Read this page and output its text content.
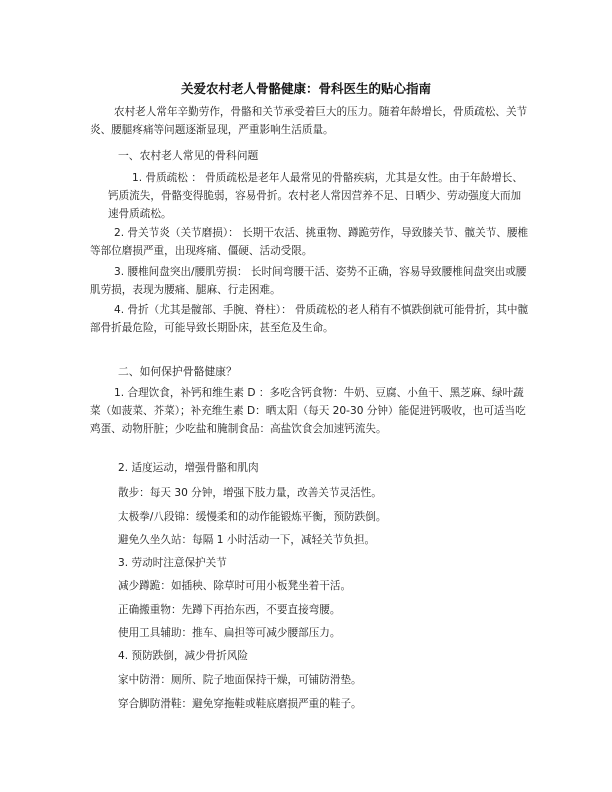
关爱农村老人骨骼健康：骨科医生的贴心指南
农村老人常年辛勤劳作，骨骼和关节承受着巨大的压力。随着年龄增长，骨质疏松、关节炎、腰腿疼痛等问题逐渐显现，严重影响生活质量。
一、农村老人常见的骨科问题
1. 骨质疏松 ： 骨质疏松是老年人最常见的骨骼疾病，尤其是女性。由于年龄增长、钙质流失，骨骼变得脆弱，容易骨折。农村老人常因营养不足、日晒少、劳动强度大而加速骨质疏松。
2. 骨关节炎（关节磨损）： 长期干农活、挑重物、蹲跪劳作，导致膝关节、髋关节、腰椎等部位磨损严重，出现疼痛、僵硬、活动受限。
3. 腰椎间盘突出/腰肌劳损： 长时间弯腰干活、姿势不正确，容易导致腰椎间盘突出或腰肌劳损，表现为腰痛、腿麻、行走困难。
4. 骨折（尤其是髋部、手腕、脊柱）： 骨质疏松的老人稍有不慎跌倒就可能骨折，其中髋部骨折最危险，可能导致长期卧床，甚至危及生命。
二、如何保护骨骼健康？
1. 合理饮食，补钙和维生素 D ：多吃含钙食物：牛奶、豆腐、小鱼干、黑芝麻、绿叶蔬菜（如菠菜、芥菜）；补充维生素 D：晒太阳（每天 20-30 分钟）能促进钙吸收，也可适当吃鸡蛋、动物肝脏；少吃盐和腌制食品：高盐饮食会加速钙流失。
2. 适度运动，增强骨骼和肌肉
散步：每天 30 分钟，增强下肢力量，改善关节灵活性。
太极拳/八段锦：缓慢柔和的动作能锻炼平衡，预防跌倒。
避免久坐久站：每隔 1 小时活动一下，减轻关节负担。
3. 劳动时注意保护关节
减少蹲跪：如插秧、除草时可用小板凳坐着干活。
正确搬重物：先蹲下再抬东西，不要直接弯腰。
使用工具辅助：推车、扁担等可减少腰部压力。
4. 预防跌倒，减少骨折风险
家中防滑：厕所、院子地面保持干燥，可铺防滑垫。
穿合脚防滑鞋：避免穿拖鞋或鞋底磨损严重的鞋子。
